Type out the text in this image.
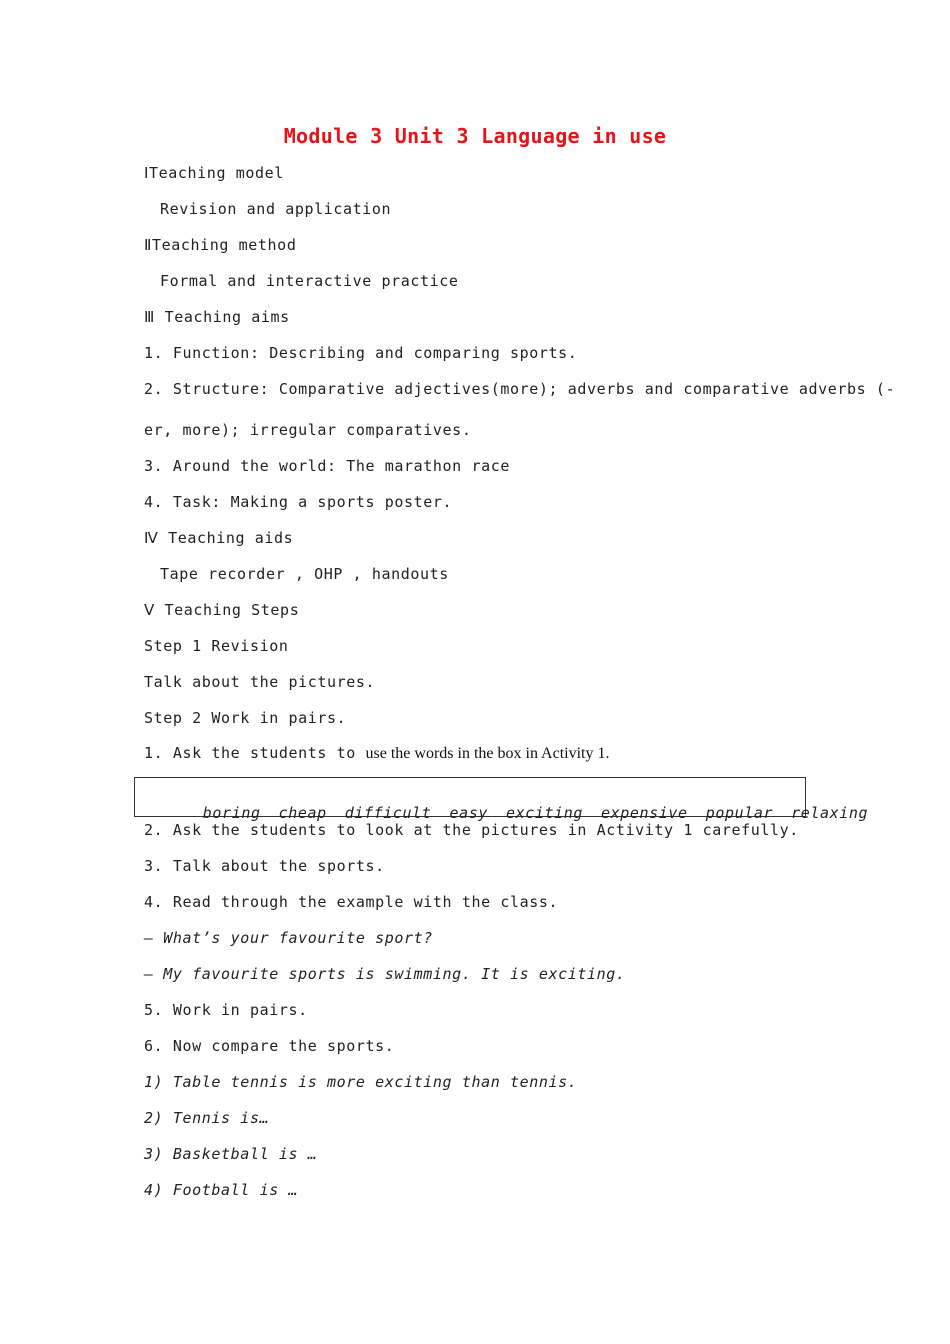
Module 3 Unit 3 Language in use
ⅠTeaching model
Revision and application
ⅡTeaching method
Formal and interactive practice
Ⅲ Teaching aims
1. Function: Describing and comparing sports.
2. Structure: Comparative adjectives(more); adverbs and comparative adverbs (-
er, more); irregular comparatives.
3. Around the world: The marathon race
4. Task: Making a sports poster.
Ⅳ Teaching aids
Tape recorder , OHP , handouts
Ⅴ Teaching Steps
Step 1 Revision
Talk about the pictures.
Step 2 Work in pairs.
1. Ask the students to use the words in the box in Activity 1.

boring cheap difficult easy exciting expensive popular relaxing

2. Ask the students to look at the pictures in Activity 1 carefully.
3. Talk about the sports.
4. Read through the example with the class.
— What’s your favourite sport?
— My favourite sports is swimming. It is exciting.
5. Work in pairs.
6. Now compare the sports.
1) Table tennis is more exciting than tennis.
2) Tennis is…
3) Basketball is …
4) Football is …
